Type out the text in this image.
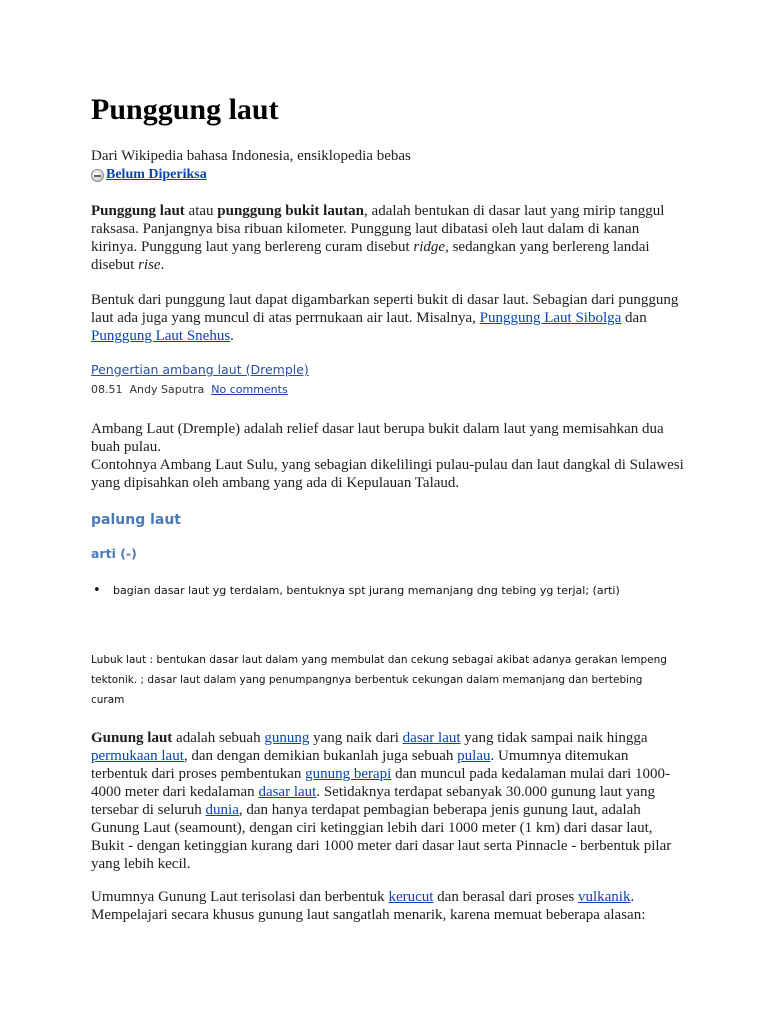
Punggung laut
Dari Wikipedia bahasa Indonesia, ensiklopedia bebas
Belum Diperiksa

Punggung laut atau punggung bukit lautan, adalah bentukan di dasar laut yang mirip tanggul raksasa. Panjangnya bisa ribuan kilometer. Punggung laut dibatasi oleh laut dalam di kanan kirinya. Punggung laut yang berlereng curam disebut ridge, sedangkan yang berlereng landai disebut rise.

Bentuk dari punggung laut dapat digambarkan seperti bukit di dasar laut. Sebagian dari punggung laut ada juga yang muncul di atas perrnukaan air laut. Misalnya, Punggung Laut Sibolga dan Punggung Laut Snehus.

Pengertian ambang laut (Dremple)
08.51 Andy Saputra No comments

Ambang Laut (Dremple) adalah relief dasar laut berupa bukit dalam laut yang memisahkan dua buah pulau.
Contohnya Ambang Laut Sulu, yang sebagian dikelilingi pulau-pulau dan laut dangkal di Sulawesi yang dipisahkan oleh ambang yang ada di Kepulauan Talaud.

palung laut
arti (-)
• bagian dasar laut yg terdalam, bentuknya spt jurang memanjang dng tebing yg terjal; (arti)

Lubuk laut : bentukan dasar laut dalam yang membulat dan cekung sebagai akibat adanya gerakan lempeng tektonik. ; dasar laut dalam yang penumpangnya berbentuk cekungan dalam memanjang dan bertebing curam

Gunung laut adalah sebuah gunung yang naik dari dasar laut yang tidak sampai naik hingga permukaan laut, dan dengan demikian bukanlah juga sebuah pulau. Umumnya ditemukan terbentuk dari proses pembentukan gunung berapi dan muncul pada kedalaman mulai dari 1000-4000 meter dari kedalaman dasar laut. Setidaknya terdapat sebanyak 30.000 gunung laut yang tersebar di seluruh dunia, dan hanya terdapat pembagian beberapa jenis gunung laut, adalah Gunung Laut (seamount), dengan ciri ketinggian lebih dari 1000 meter (1 km) dari dasar laut, Bukit - dengan ketinggian kurang dari 1000 meter dari dasar laut serta Pinnacle - berbentuk pilar yang lebih kecil.

Umumnya Gunung Laut terisolasi dan berbentuk kerucut dan berasal dari proses vulkanik.
Mempelajari secara khusus gunung laut sangatlah menarik, karena memuat beberapa alasan:
